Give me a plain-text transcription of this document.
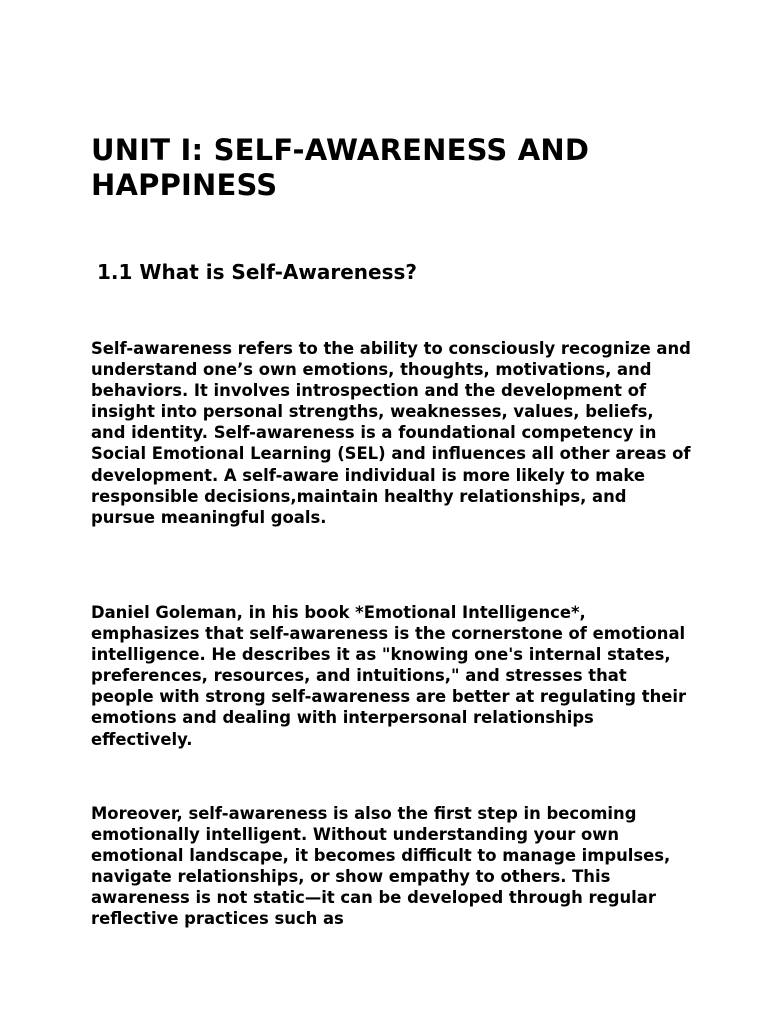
UNIT I: SELF-AWARENESS AND HAPPINESS
1.1 What is Self-Awareness?

Self-awareness refers to the ability to consciously recognize and understand one’s own emotions, thoughts, motivations, and behaviors. It involves introspection and the development of insight into personal strengths, weaknesses, values, beliefs, and identity. Self-awareness is a foundational competency in Social Emotional Learning (SEL) and influences all other areas of development. A self-aware individual is more likely to make responsible decisions,maintain healthy relationships, and pursue meaningful goals.

Daniel Goleman, in his book *Emotional Intelligence*, emphasizes that self-awareness is the cornerstone of emotional intelligence. He describes it as "knowing one's internal states, preferences, resources, and intuitions," and stresses that people with strong self-awareness are better at regulating their emotions and dealing with interpersonal relationships effectively.

Moreover, self-awareness is also the first step in becoming emotionally intelligent. Without understanding your own emotional landscape, it becomes difficult to manage impulses, navigate relationships, or show empathy to others. This awareness is not static—it can be developed through regular reflective practices such as
